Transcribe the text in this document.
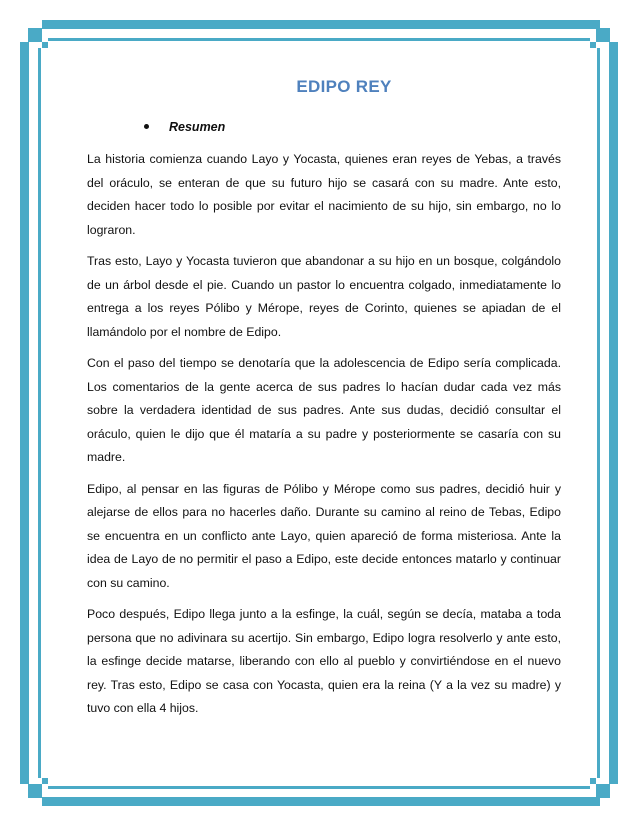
EDIPO REY
Resumen

La historia comienza cuando Layo y Yocasta, quienes eran reyes de Yebas, a través del oráculo, se enteran de que su futuro hijo se casará con su madre. Ante esto, deciden hacer todo lo posible por evitar el nacimiento de su hijo, sin embargo, no lo lograron.

Tras esto, Layo y Yocasta tuvieron que abandonar a su hijo en un bosque, colgándolo de un árbol desde el pie. Cuando un pastor lo encuentra colgado, inmediatamente lo entrega a los reyes Pólibo y Mérope, reyes de Corinto, quienes se apiadan de el llamándolo por el nombre de Edipo.

Con el paso del tiempo se denotaría que la adolescencia de Edipo sería complicada. Los comentarios de la gente acerca de sus padres lo hacían dudar cada vez más sobre la verdadera identidad de sus padres. Ante sus dudas, decidió consultar el oráculo, quien le dijo que él mataría a su padre y posteriormente se casaría con su madre.

Edipo, al pensar en las figuras de Pólibo y Mérope como sus padres, decidió huir y alejarse de ellos para no hacerles daño. Durante su camino al reino de Tebas, Edipo se encuentra en un conflicto ante Layo, quien apareció de forma misteriosa. Ante la idea de Layo de no permitir el paso a Edipo, este decide entonces matarlo y continuar con su camino.

Poco después, Edipo llega junto a la esfinge, la cuál, según se decía, mataba a toda persona que no adivinara su acertijo. Sin embargo, Edipo logra resolverlo y ante esto, la esfinge decide matarse, liberando con ello al pueblo y convirtiéndose en el nuevo rey. Tras esto, Edipo se casa con Yocasta, quien era la reina (Y a la vez su madre) y tuvo con ella 4 hijos.
